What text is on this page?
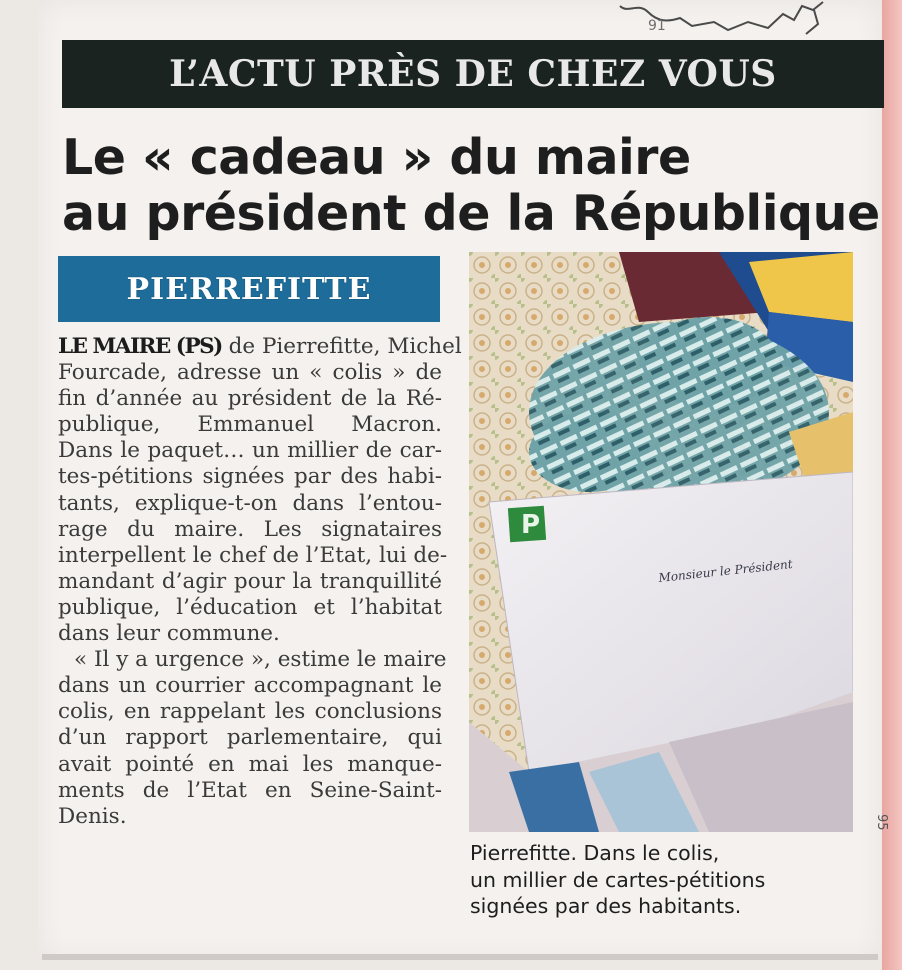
91
L’ACTU PRÈS DE CHEZ VOUS
Le « cadeau » du maire
au président de la République
PIERREFITTE
LE MAIRE (PS) de Pierrefitte, Michel
Fourcade, adresse un « colis » de
fin d’année au président de la Ré-
publique, Emmanuel Macron.
Dans le paquet… un millier de car-
tes-pétitions signées par des habi-
tants, explique-t-on dans l’entou-
rage du maire. Les signataires
interpellent le chef de l’Etat, lui de-
mandant d’agir pour la tranquillité
publique, l’éducation et l’habitat
dans leur commune.
« Il y a urgence », estime le maire
dans un courrier accompagnant le
colis, en rappelant les conclusions
d’un rapport parlementaire, qui
avait pointé en mai les manque-
ments de l’Etat en Seine-Saint-
Denis.
P
Monsieur le Président
95
Pierrefitte. Dans le colis,
un millier de cartes-pétitions
signées par des habitants.
